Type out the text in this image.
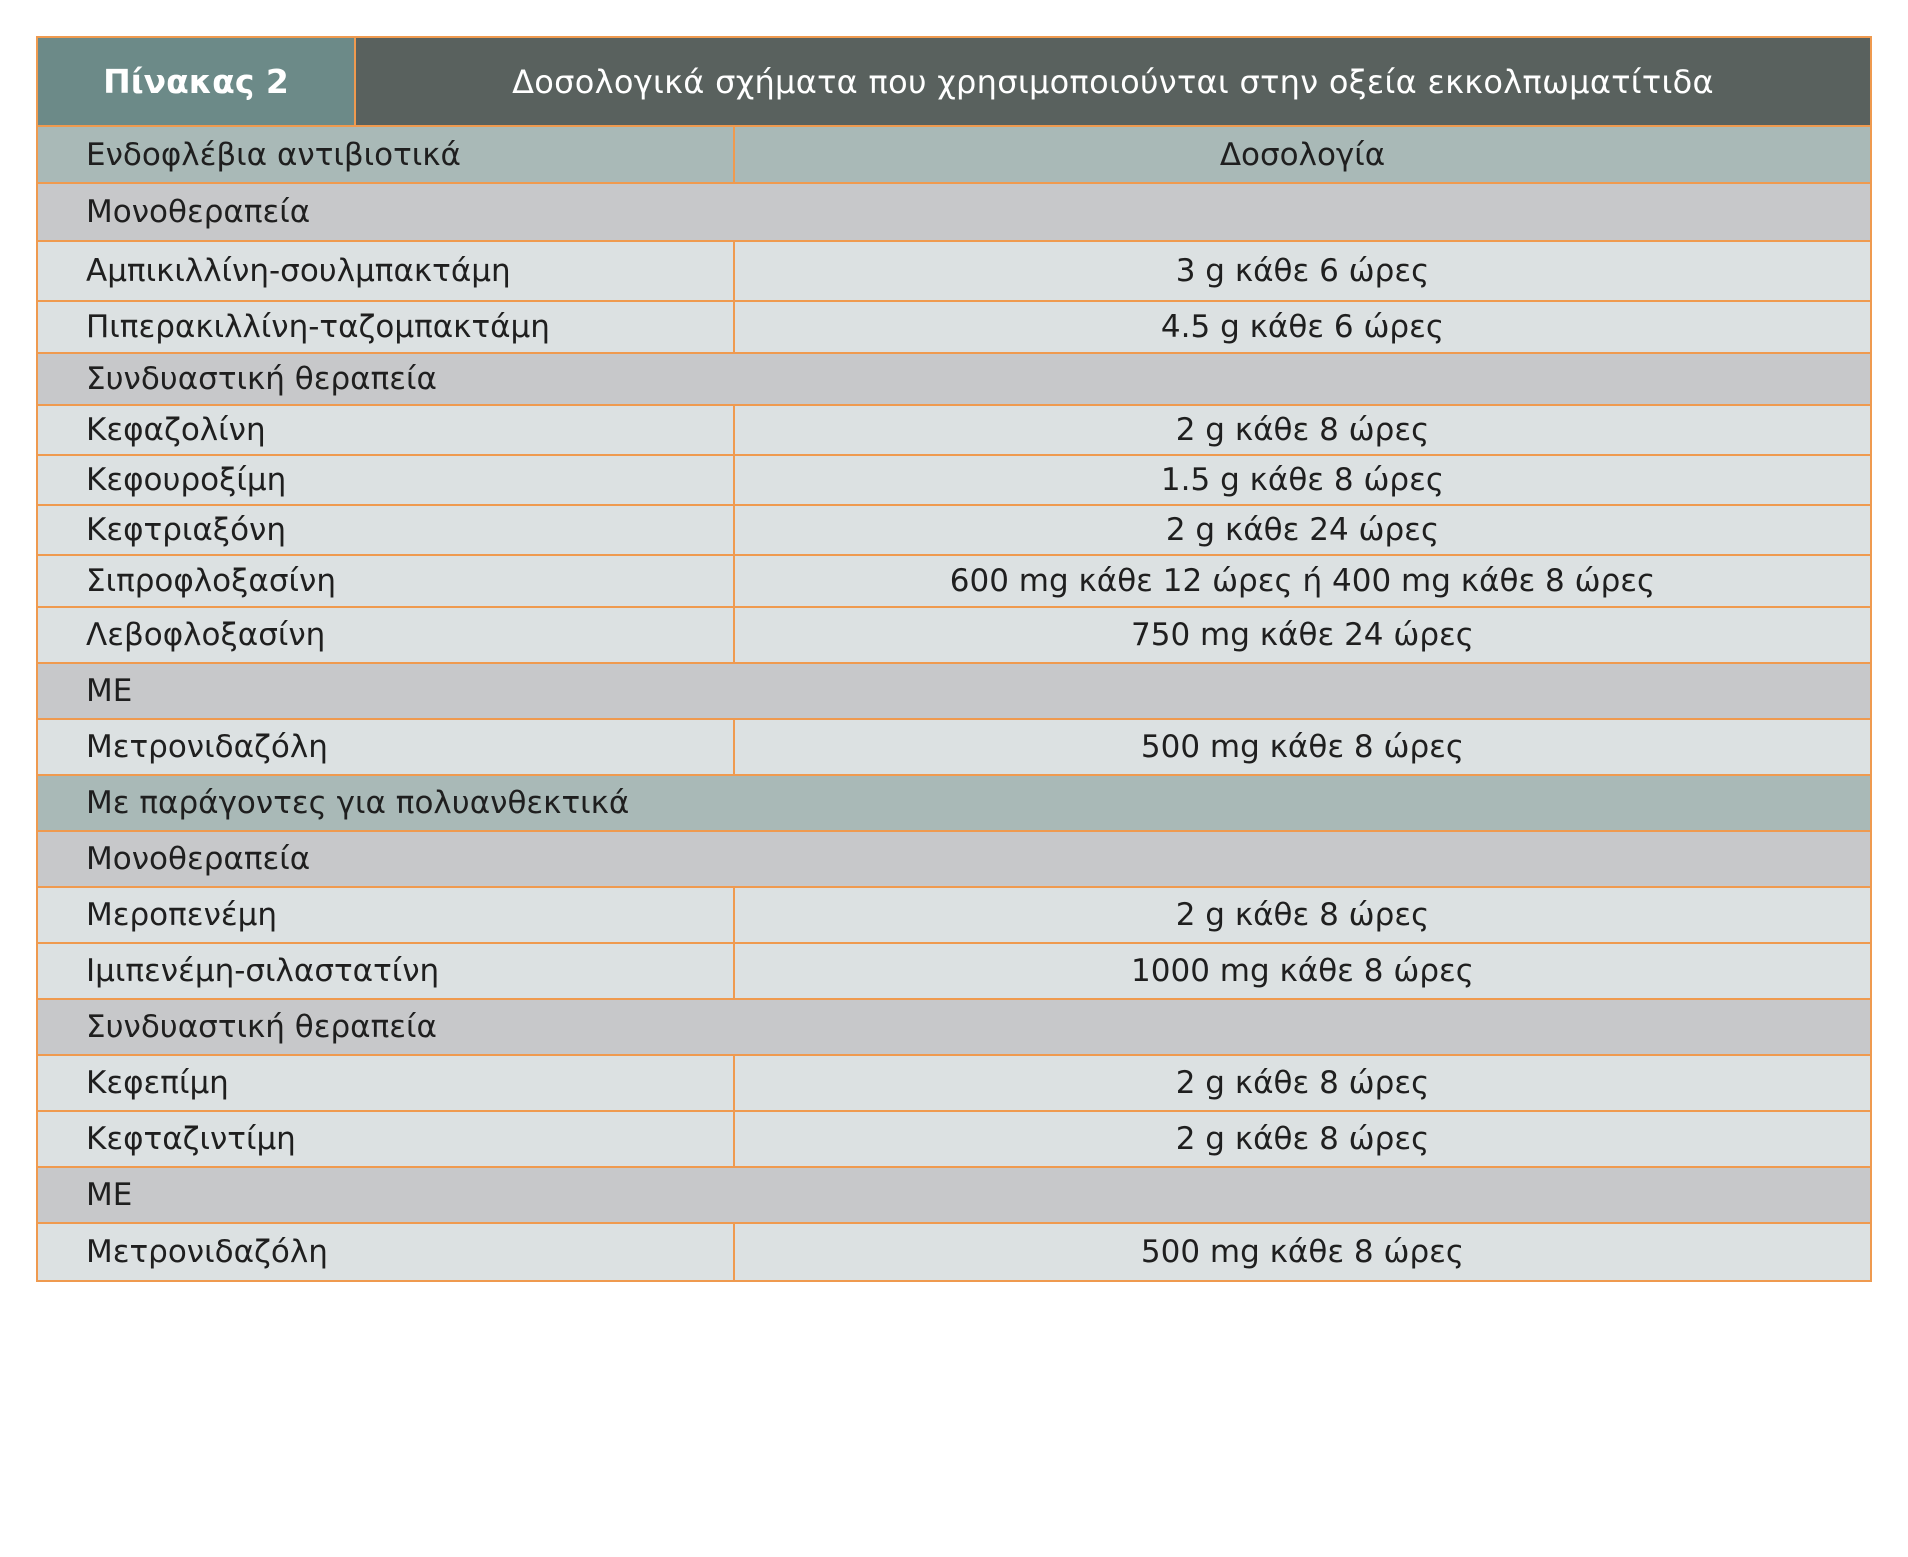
Πίνακας 2	Δοσολογικά σχήματα που χρησιμοποιούνται στην οξεία εκκολπωματίτιδα
Ενδοφλέβια αντιβιοτικά	Δοσολογία
Μονοθεραπεία
Αμπικιλλίνη-σουλμπακτάμη	3 g κάθε 6 ώρες
Πιπερακιλλίνη-ταζομπακτάμη	4.5 g κάθε 6 ώρες
Συνδυαστική θεραπεία
Κεφαζολίνη	2 g κάθε 8 ώρες
Κεφουροξίμη	1.5 g κάθε 8 ώρες
Κεφτριαξόνη	2 g κάθε 24 ώρες
Σιπροφλοξασίνη	600 mg κάθε 12 ώρες ή 400 mg κάθε 8 ώρες
Λεβοφλοξασίνη	750 mg κάθε 24 ώρες
ΜΕ
Μετρονιδαζόλη	500 mg κάθε 8 ώρες
Με παράγοντες για πολυανθεκτικά
Μονοθεραπεία
Μεροπενέμη	2 g κάθε 8 ώρες
Ιμιπενέμη-σιλαστατίνη	1000 mg κάθε 8 ώρες
Συνδυαστική θεραπεία
Κεφεπίμη	2 g κάθε 8 ώρες
Κεφταζιντίμη	2 g κάθε 8 ώρες
ΜΕ
Μετρονιδαζόλη	500 mg κάθε 8 ώρες
